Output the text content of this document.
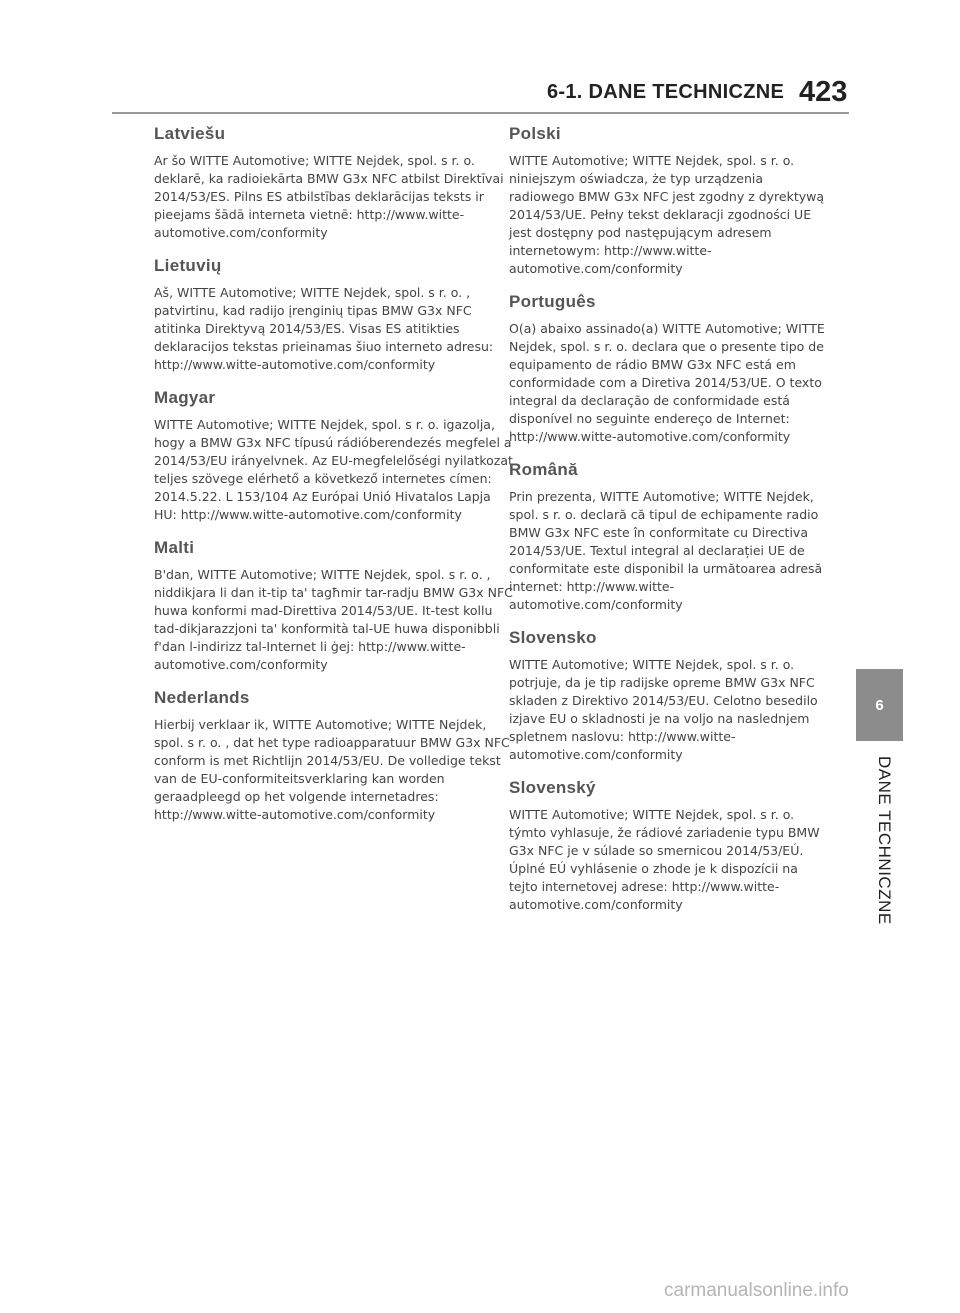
6-1. DANE TECHNICZNE 423
Latviešu

Ar šo WITTE Automotive; WITTE Nejdek, spol. s r. o. deklarē, ka radioiekārta BMW G3x NFC atbilst Direktīvai 2014/53/ES. Pilns ES atbilstības deklarācijas teksts ir pieejams šādā interneta vietnē: http://www.witte-automotive.com/conformity

Lietuvių

Aš, WITTE Automotive; WITTE Nejdek, spol. s r. o. , patvirtinu, kad radijo įrenginių tipas BMW G3x NFC atitinka Direktyvą 2014/53/ES. Visas ES atitikties deklaracijos tekstas prieinamas šiuo interneto adresu: http://www.witte-automotive.com/conformity

Magyar

WITTE Automotive; WITTE Nejdek, spol. s r. o. igazolja, hogy a BMW G3x NFC típusú rádióberendezés megfelel a 2014/53/EU irányelvnek. Az EU-megfelelőségi nyilatkozat teljes szövege elérhető a következő internetes címen: 2014.5.22. L 153/104 Az Európai Unió Hivatalos Lapja HU: http://www.witte-automotive.com/conformity

Malti

B'dan, WITTE Automotive; WITTE Nejdek, spol. s r. o. , niddikjara li dan it-tip ta' tagħmir tar-radju BMW G3x NFC huwa konformi mad-Direttiva 2014/53/UE. It-test kollu tad-dikjarazzjoni ta' konformità tal-UE huwa disponibbli f'dan l-indirizz tal-Internet li ġej: http://www.witte-automotive.com/conformity

Nederlands

Hierbij verklaar ik, WITTE Automotive; WITTE Nejdek, spol. s r. o. , dat het type radioapparatuur BMW G3x NFC conform is met Richtlijn 2014/53/EU. De volledige tekst van de EU-conformiteitsverklaring kan worden geraadpleegd op het volgende internetadres: http://www.witte-automotive.com/conformity

Polski

WITTE Automotive; WITTE Nejdek, spol. s r. o. niniejszym oświadcza, że typ urządzenia radiowego BMW G3x NFC jest zgodny z dyrektywą 2014/53/UE. Pełny tekst deklaracji zgodności UE jest dostępny pod następującym adresem internetowym: http://www.witte-automotive.com/conformity

Português

O(a) abaixo assinado(a) WITTE Automotive; WITTE Nejdek, spol. s r. o. declara que o presente tipo de equipamento de rádio BMW G3x NFC está em conformidade com a Diretiva 2014/53/UE. O texto integral da declaração de conformidade está disponível no seguinte endereço de Internet: http://www.witte-automotive.com/conformity

Română

Prin prezenta, WITTE Automotive; WITTE Nejdek, spol. s r. o. declară că tipul de echipamente radio BMW G3x NFC este în conformitate cu Directiva 2014/53/UE. Textul integral al declarației UE de conformitate este disponibil la următoarea adresă internet: http://www.witte-automotive.com/conformity

Slovensko

WITTE Automotive; WITTE Nejdek, spol. s r. o. potrjuje, da je tip radijske opreme BMW G3x NFC skladen z Direktivo 2014/53/EU. Celotno besedilo izjave EU o skladnosti je na voljo na naslednjem spletnem naslovu: http://www.witte-automotive.com/conformity

Slovenský

WITTE Automotive; WITTE Nejdek, spol. s r. o. týmto vyhlasuje, že rádiové zariadenie typu BMW G3x NFC je v súlade so smernicou 2014/53/EÚ. Úplné EÚ vyhlásenie o zhode je k dispozícii na tejto internetovej adrese: http://www.witte-automotive.com/conformity

6
DANE TECHNICZNE
carmanualsonline.info
